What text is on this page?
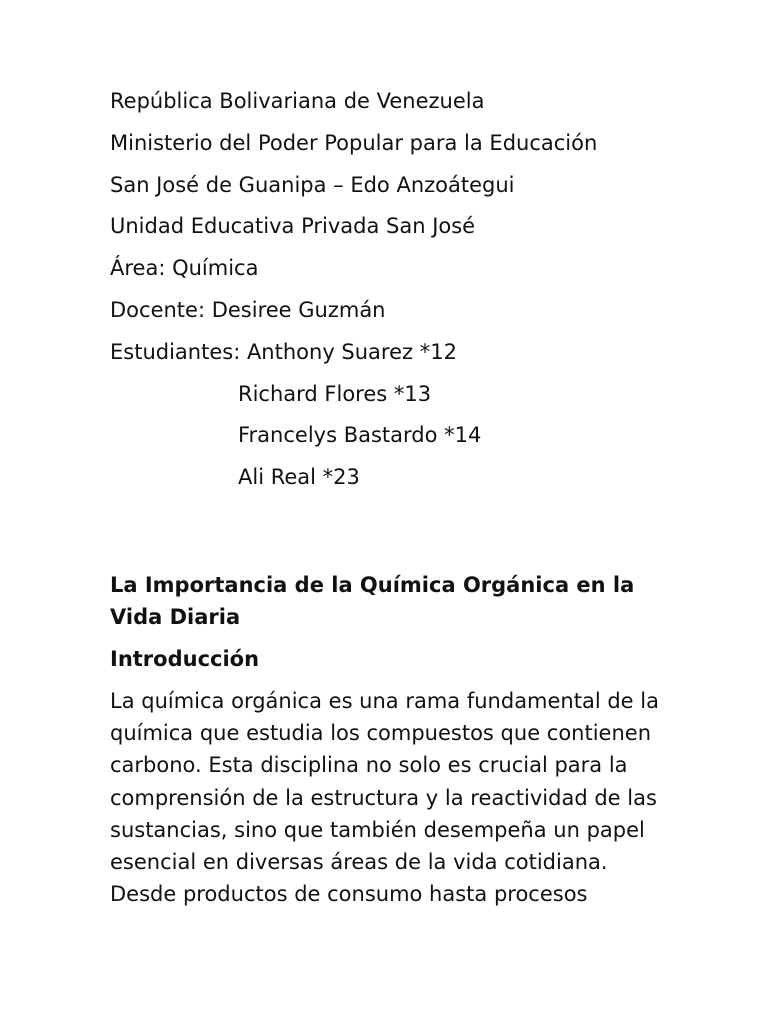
República Bolivariana de Venezuela
Ministerio del Poder Popular para la Educación
San José de Guanipa – Edo Anzoátegui
Unidad Educativa Privada San José
Área: Química
Docente: Desiree Guzmán
Estudiantes: Anthony Suarez *12
Richard Flores *13
Francelys Bastardo *14
Ali Real *23
La Importancia de la Química Orgánica en la Vida Diaria
Introducción

La química orgánica es una rama fundamental de la
química que estudia los compuestos que contienen
carbono. Esta disciplina no solo es crucial para la
comprensión de la estructura y la reactividad de las
sustancias, sino que también desempeña un papel
esencial en diversas áreas de la vida cotidiana.
Desde productos de consumo hasta procesos
